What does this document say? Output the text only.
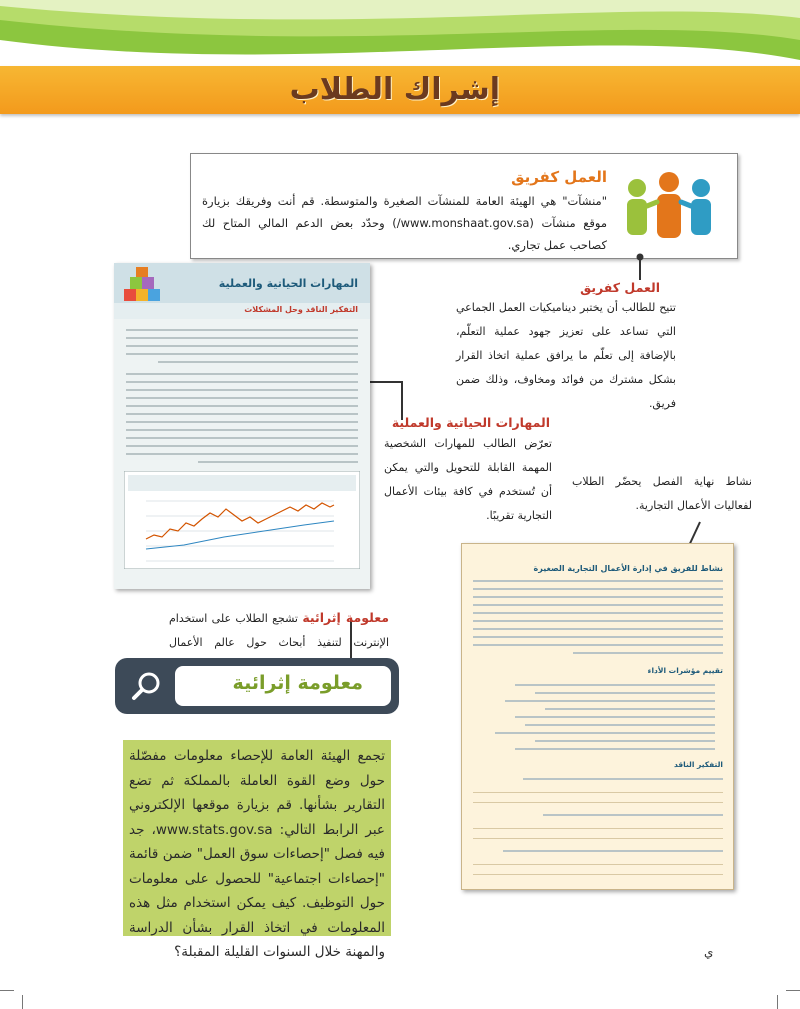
إشراك الطلاب
العمل كفريق
"منشآت" هي الهيئة العامة للمنشآت الصغيرة والمتوسطة. قم أنت وفريقك بزيارة موقع منشآت (www.monshaat.gov.sa/) وحدّد بعض الدعم المالي المتاح لك كصاحب عمل تجاري.
العمل كفريق
تتيح للطالب أن يختبر ديناميكيات العمل الجماعي التي تساعد على تعزيز جهود عملية التعلّم، بالإضافة إلى تعلّم ما يرافق عملية اتخاذ القرار بشكل مشترك من فوائد ومخاوف، وذلك ضمن فريق.
المهارات الحياتية والعملية
التفكير الناقد وحل المشكلات
المهارات الحياتية والعملية
تعرّض الطالب للمهارات الشخصية المهمة القابلة للتحويل والتي يمكن أن تُستخدم في كافة بيئات الأعمال التجارية تقريبًا.
نشاط نهاية الفصل يحضّر الطلاب لفعاليات الأعمال التجارية.
نشاط للفريق في إدارة الأعمال التجارية الصغيرة
تقييم مؤشرات الأداء
التفكير الناقد
معلومة إثرائية تشجع الطلاب على استخدام الإنترنت لتنفيذ أبحاث حول عالم الأعمال
معلومة إثرائية
تجمع الهيئة العامة للإحصاء معلومات مفصّلة حول وضع القوة العاملة بالمملكة ثم تضع التقارير بشأنها. قم بزيارة موقعها الإلكتروني عبر الرابط التالي: www.stats.gov.sa، جد فيه فصل "إحصاءات سوق العمل" ضمن قائمة "إحصاءات اجتماعية" للحصول على معلومات حول التوظيف. كيف يمكن استخدام مثل هذه المعلومات في اتخاذ القرار بشأن الدراسة والمهنة خلال السنوات القليلة المقبلة؟	ي
